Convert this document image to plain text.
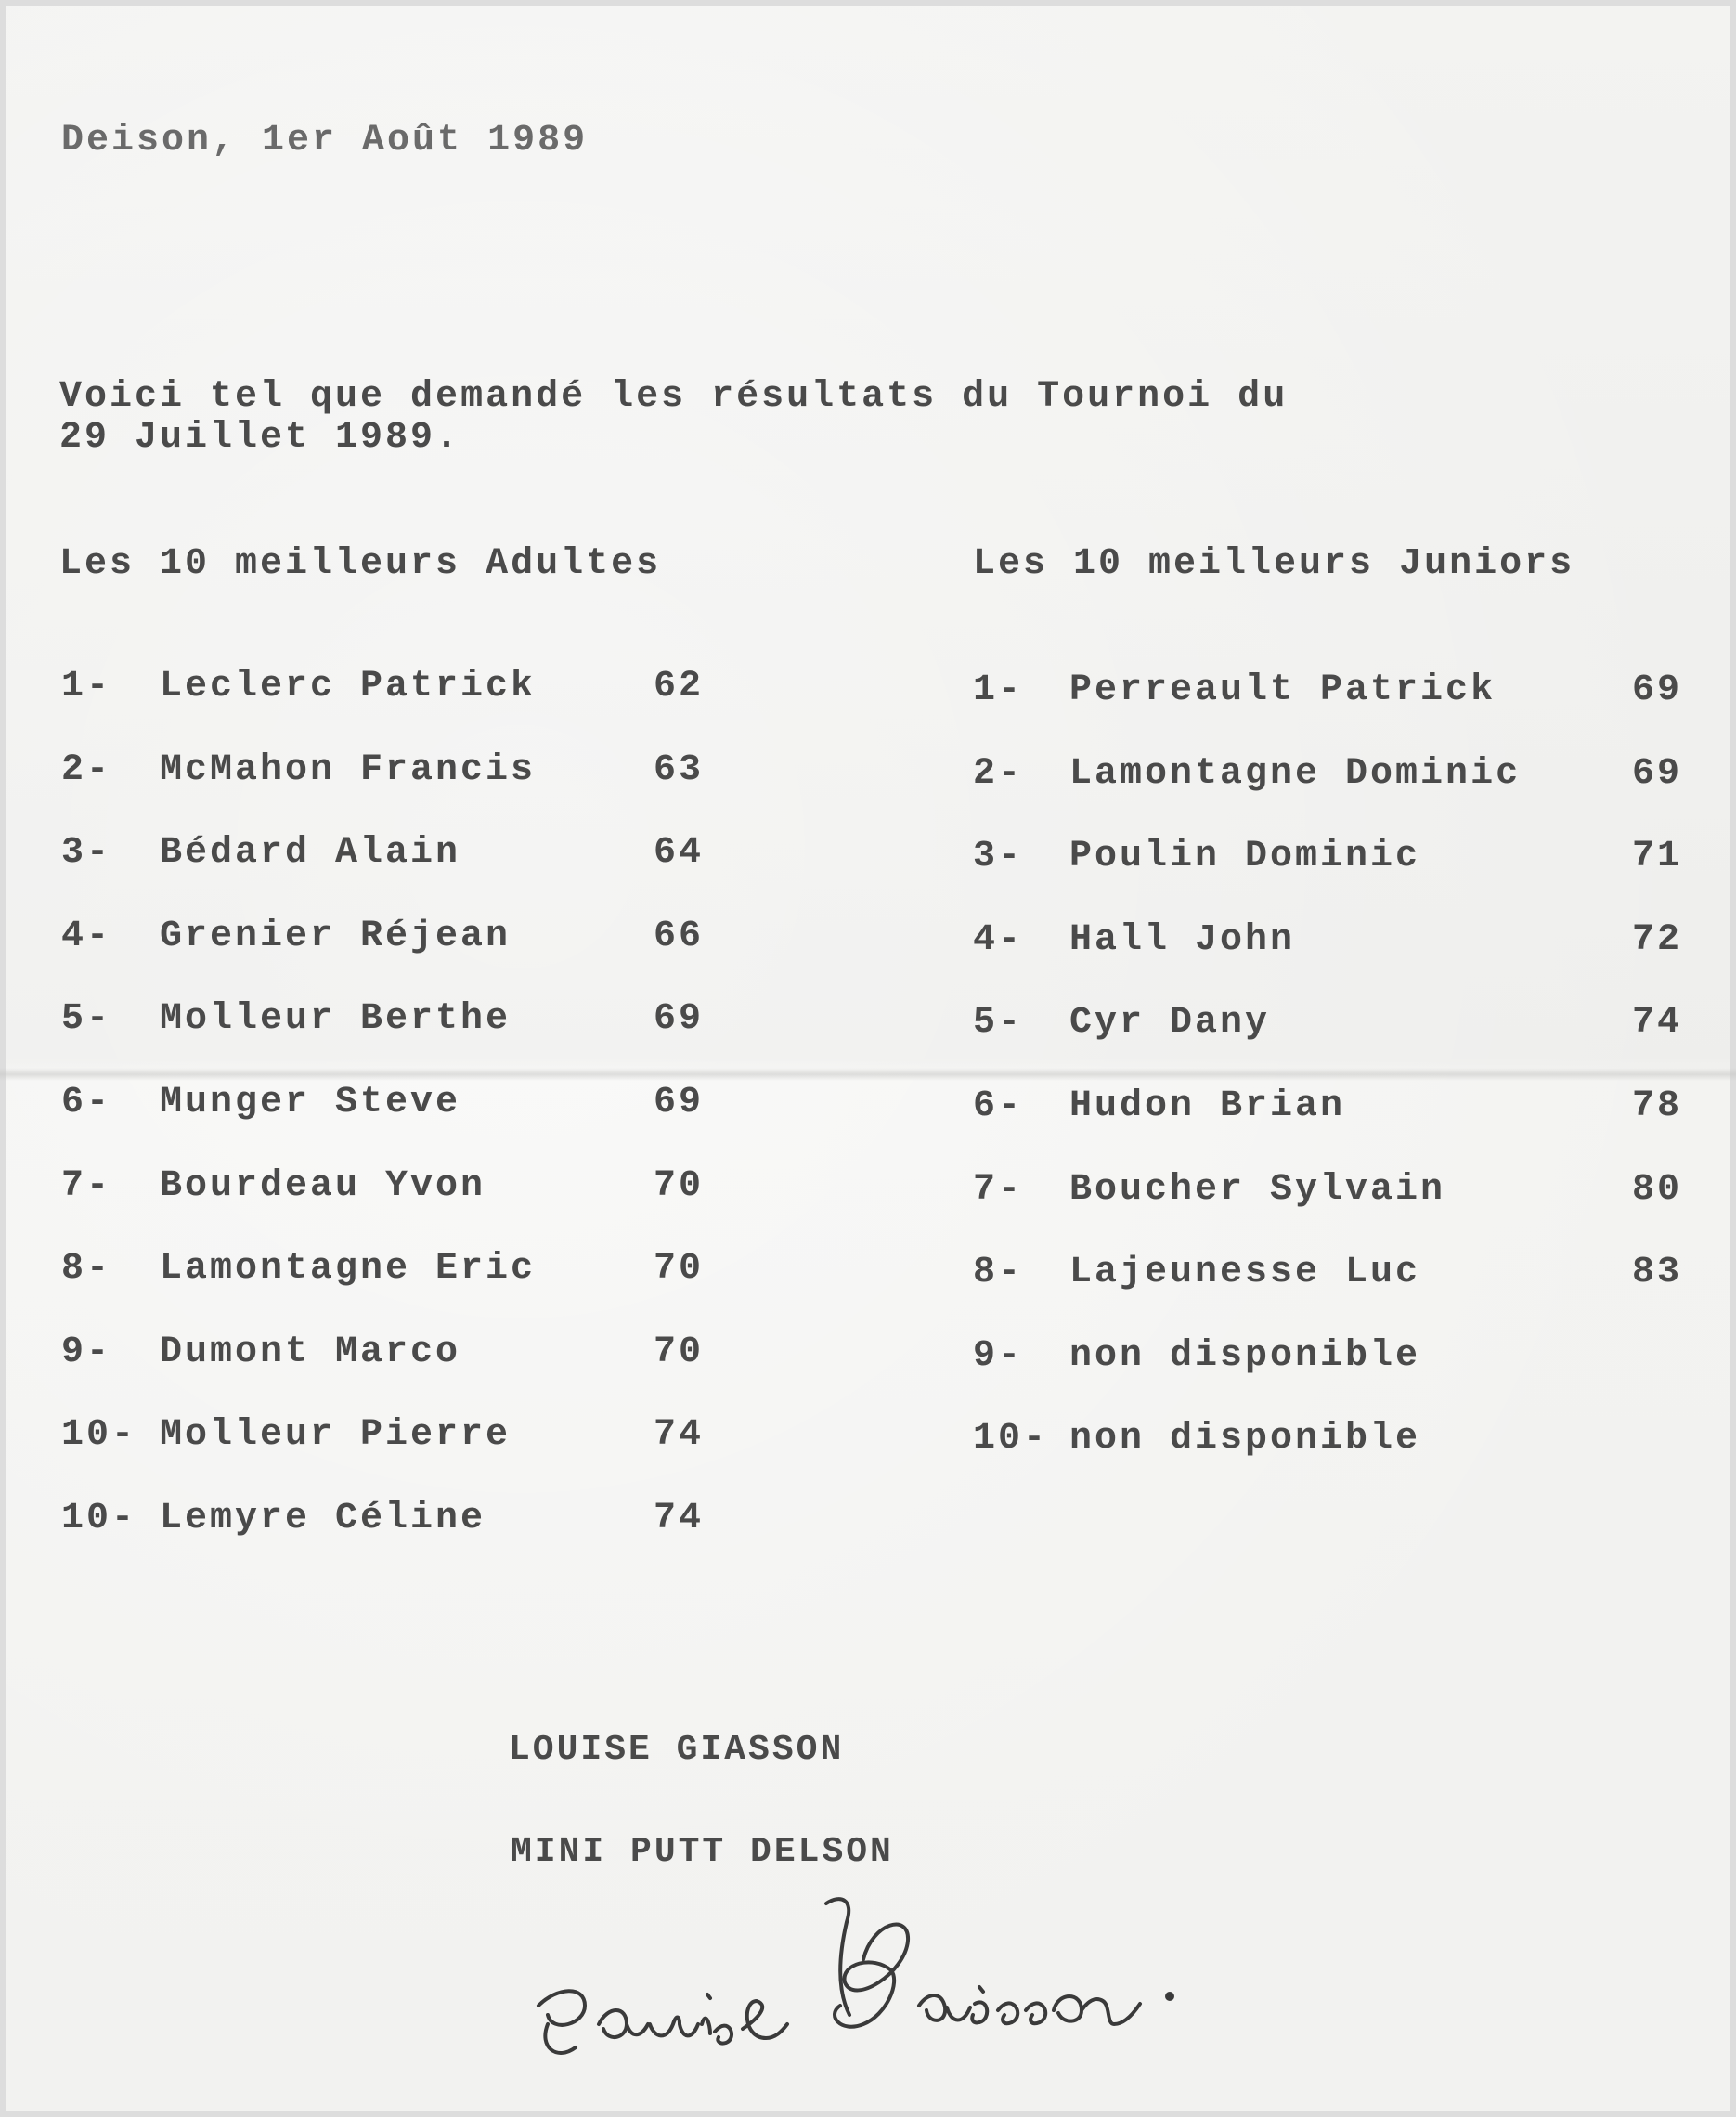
Deison, 1er Août 1989
Voici tel que demandé les résultats du Tournoi du
29 Juillet 1989.
Les 10 meilleurs Adultes	Les 10 meilleurs Juniors
1- Leclerc Patrick	62
2- McMahon Francis	63
3- Bédard Alain	64
4- Grenier Réjean	66
5- Molleur Berthe	69
6- Munger Steve	69
7- Bourdeau Yvon	70
8- Lamontagne Eric	70
9- Dumont Marco	70
10- Molleur Pierre	74
10- Lemyre Céline	74
1- Perreault Patrick	69
2- Lamontagne Dominic	69
3- Poulin Dominic	71
4- Hall John	72
5- Cyr Dany	74
6- Hudon Brian	78
7- Boucher Sylvain	80
8- Lajeunesse Luc	83
9- non disponible
10- non disponible
LOUISE GIASSON
MINI PUTT DELSON
